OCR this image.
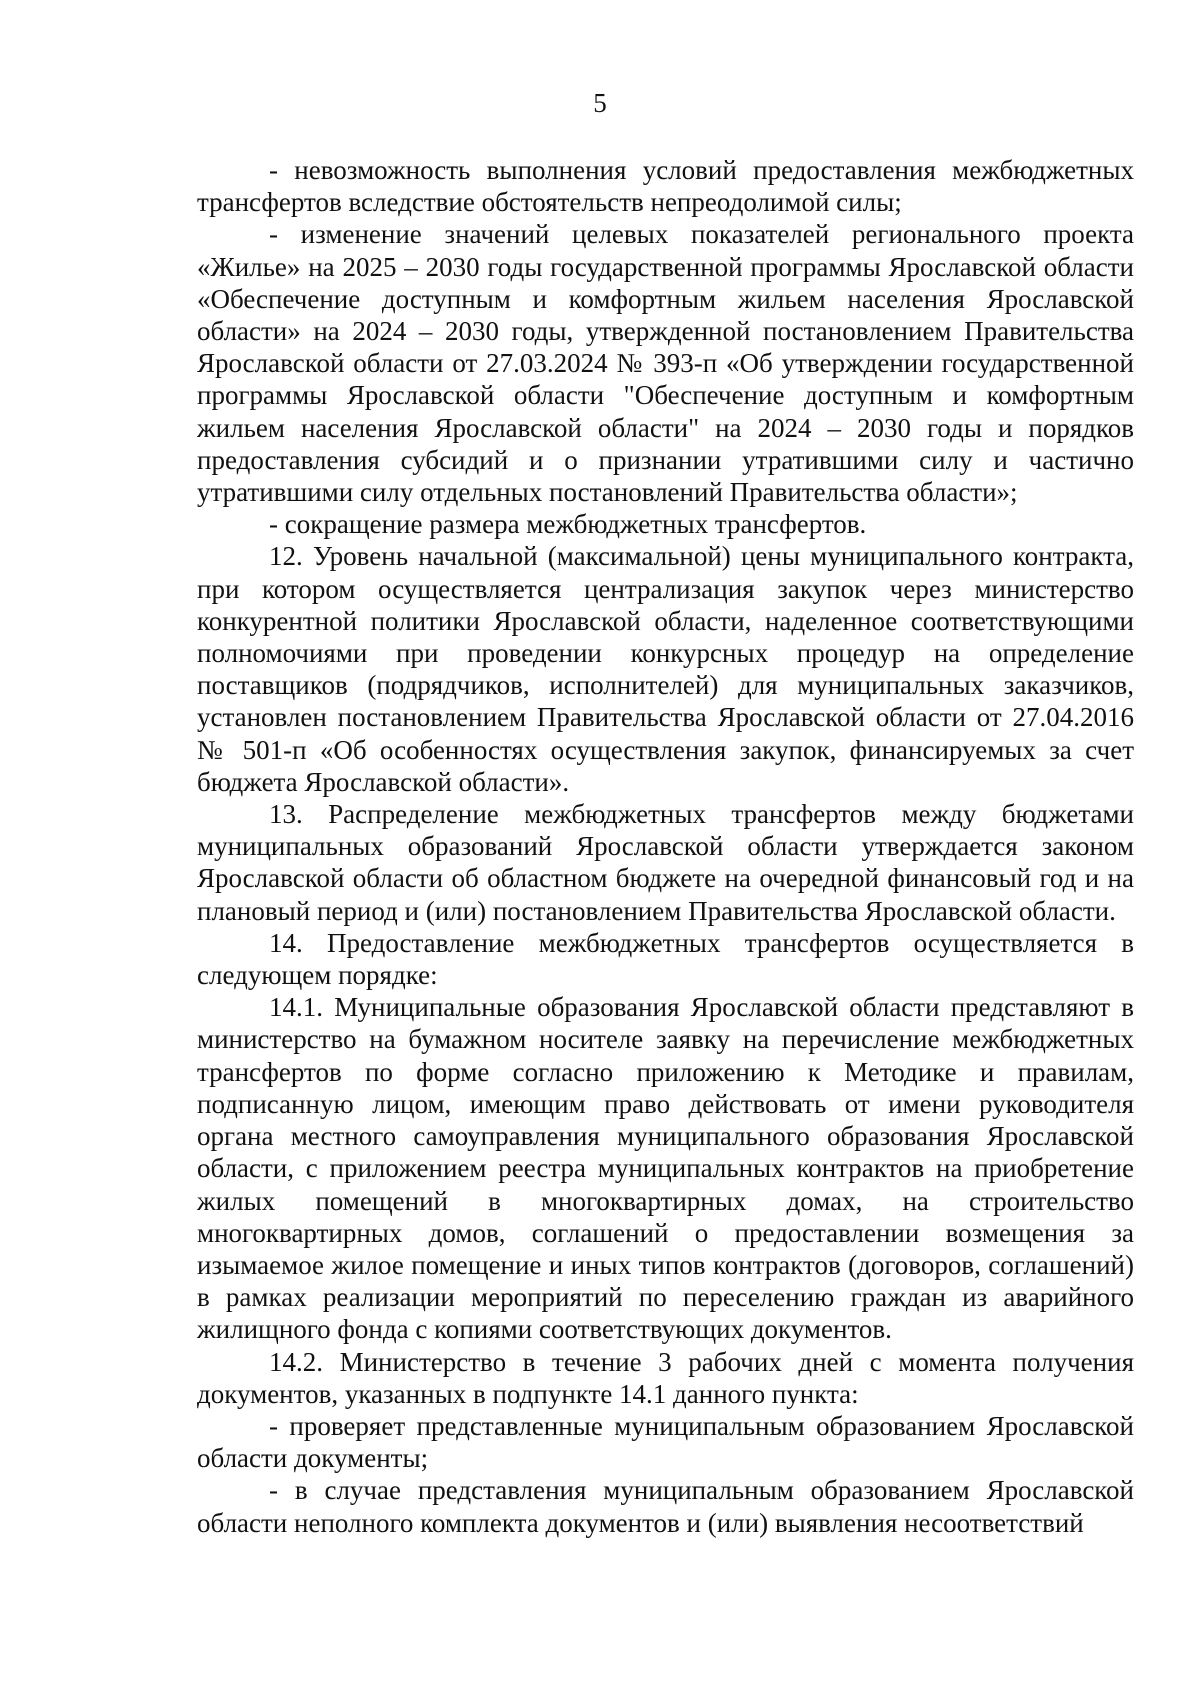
5

- невозможность выполнения условий предоставления межбюджетных трансфертов вследствие обстоятельств непреодолимой силы;

- изменение значений целевых показателей регионального проекта «Жилье» на 2025 – 2030 годы государственной программы Ярославской области «Обеспечение доступным и комфортным жильем населения Ярославской области» на 2024 – 2030 годы, утвержденной постановлением Правительства Ярославской области от 27.03.2024 № 393-п «Об утверждении государственной программы Ярославской области "Обеспечение доступным и комфортным жильем населения Ярославской области" на 2024 – 2030 годы и порядков предоставления субсидий и о признании утратившими силу и частично утратившими силу отдельных постановлений Правительства области»;

- сокращение размера межбюджетных трансфертов.

12. Уровень начальной (максимальной) цены муниципального контракта, при котором осуществляется централизация закупок через министерство конкурентной политики Ярославской области, наделенное соответствующими полномочиями при проведении конкурсных процедур на определение поставщиков (подрядчиков, исполнителей) для муниципальных заказчиков, установлен постановлением Правительства Ярославской области от 27.04.2016 № 501-п «Об особенностях осуществления закупок, финансируемых за счет бюджета Ярославской области».

13. Распределение межбюджетных трансфертов между бюджетами муниципальных образований Ярославской области утверждается законом Ярославской области об областном бюджете на очередной финансовый год и на плановый период и (или) постановлением Правительства Ярославской области.

14. Предоставление межбюджетных трансфертов осуществляется в следующем порядке:

14.1. Муниципальные образования Ярославской области представляют в министерство на бумажном носителе заявку на перечисление межбюджетных трансфертов по форме согласно приложению к Методике и правилам, подписанную лицом, имеющим право действовать от имени руководителя органа местного самоуправления муниципального образования Ярославской области, с приложением реестра муниципальных контрактов на приобретение жилых помещений в многоквартирных домах, на строительство многоквартирных домов, соглашений о предоставлении возмещения за изымаемое жилое помещение и иных типов контрактов (договоров, соглашений) в рамках реализации мероприятий по переселению граждан из аварийного жилищного фонда с копиями соответствующих документов.

14.2. Министерство в течение 3 рабочих дней с момента получения документов, указанных в подпункте 14.1 данного пункта:

- проверяет представленные муниципальным образованием Ярославской области документы;

- в случае представления муниципальным образованием Ярославской области неполного комплекта документов и (или) выявления несоответствий
